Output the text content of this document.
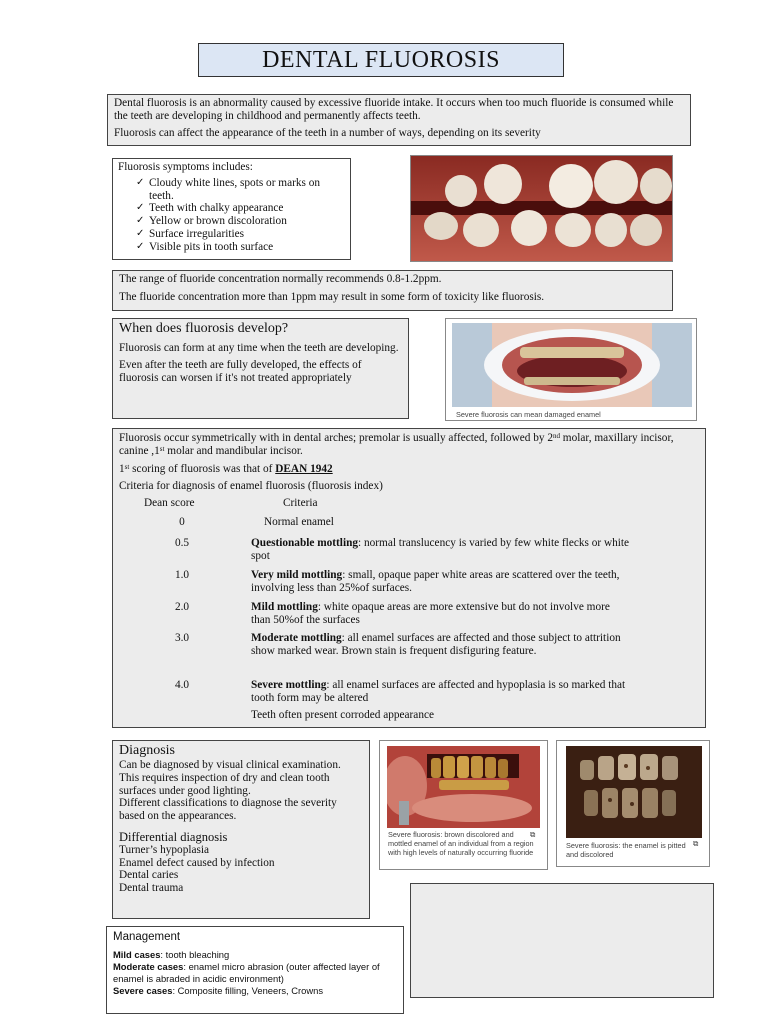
DENTAL FLUOROSIS

Dental fluorosis is an abnormality caused by excessive fluoride intake. It occurs when too much fluoride is consumed while the teeth are developing in childhood and permanently affects teeth.

Fluorosis can affect the appearance of the teeth in a number of ways, depending on its severity

Fluorosis symptoms includes:

✓ Cloudy white lines, spots or marks on teeth.
✓ Teeth with chalky appearance
✓ Yellow or brown discoloration
✓ Surface irregularities
✓ Visible pits in tooth surface

The range of fluoride concentration normally recommends 0.8-1.2ppm.

The fluoride concentration more than 1ppm may result in some form of toxicity like fluorosis.

When does fluorosis develop?

Fluorosis can form at any time when the teeth are developing.

Even after the teeth are fully developed, the effects of fluorosis can worsen if it's not treated appropriately

Severe fluorosis can mean damaged enamel

Fluorosis occur symmetrically with in dental arches; premolar is usually affected, followed by 2nd molar, maxillary incisor, canine ,1st molar and mandibular incisor.

1st scoring of fluorosis was that of DEAN 1942

Criteria for diagnosis of enamel fluorosis (fluorosis index)

Dean score	Criteria
0	Normal enamel
0.5	Questionable mottling: normal translucency is varied by few white flecks or white spot
1.0	Very mild mottling: small, opaque paper white areas are scattered over the teeth, involving less than 25%of surfaces.
2.0	Mild mottling: white opaque areas are more extensive but do not involve more than 50%of the surfaces
3.0	Moderate mottling: all enamel surfaces are affected and those subject to attrition show marked wear. Brown stain is frequent disfiguring feature.
4.0	Severe mottling: all enamel surfaces are affected and hypoplasia is so marked that tooth form may be altered
Teeth often present corroded appearance
Diagnosis

Can be diagnosed by visual clinical examination.

This requires inspection of dry and clean tooth surfaces under good lighting.

Different classifications to diagnose the severity based on the appearances.

Differential diagnosis

Turner’s hypoplasia

Enamel defect caused by infection

Dental caries

Dental trauma

Severe fluorosis: brown discolored and mottled enamel of an individual from a region with high levels of naturally occurring fluoride
⧉
Severe fluorosis: the enamel is pitted and discolored
⧉
Management

Mild cases: tooth bleaching

Moderate cases: enamel micro abrasion (outer affected layer of enamel is abraded in acidic environment)

Severe cases: Composite filling, Veneers, Crowns
